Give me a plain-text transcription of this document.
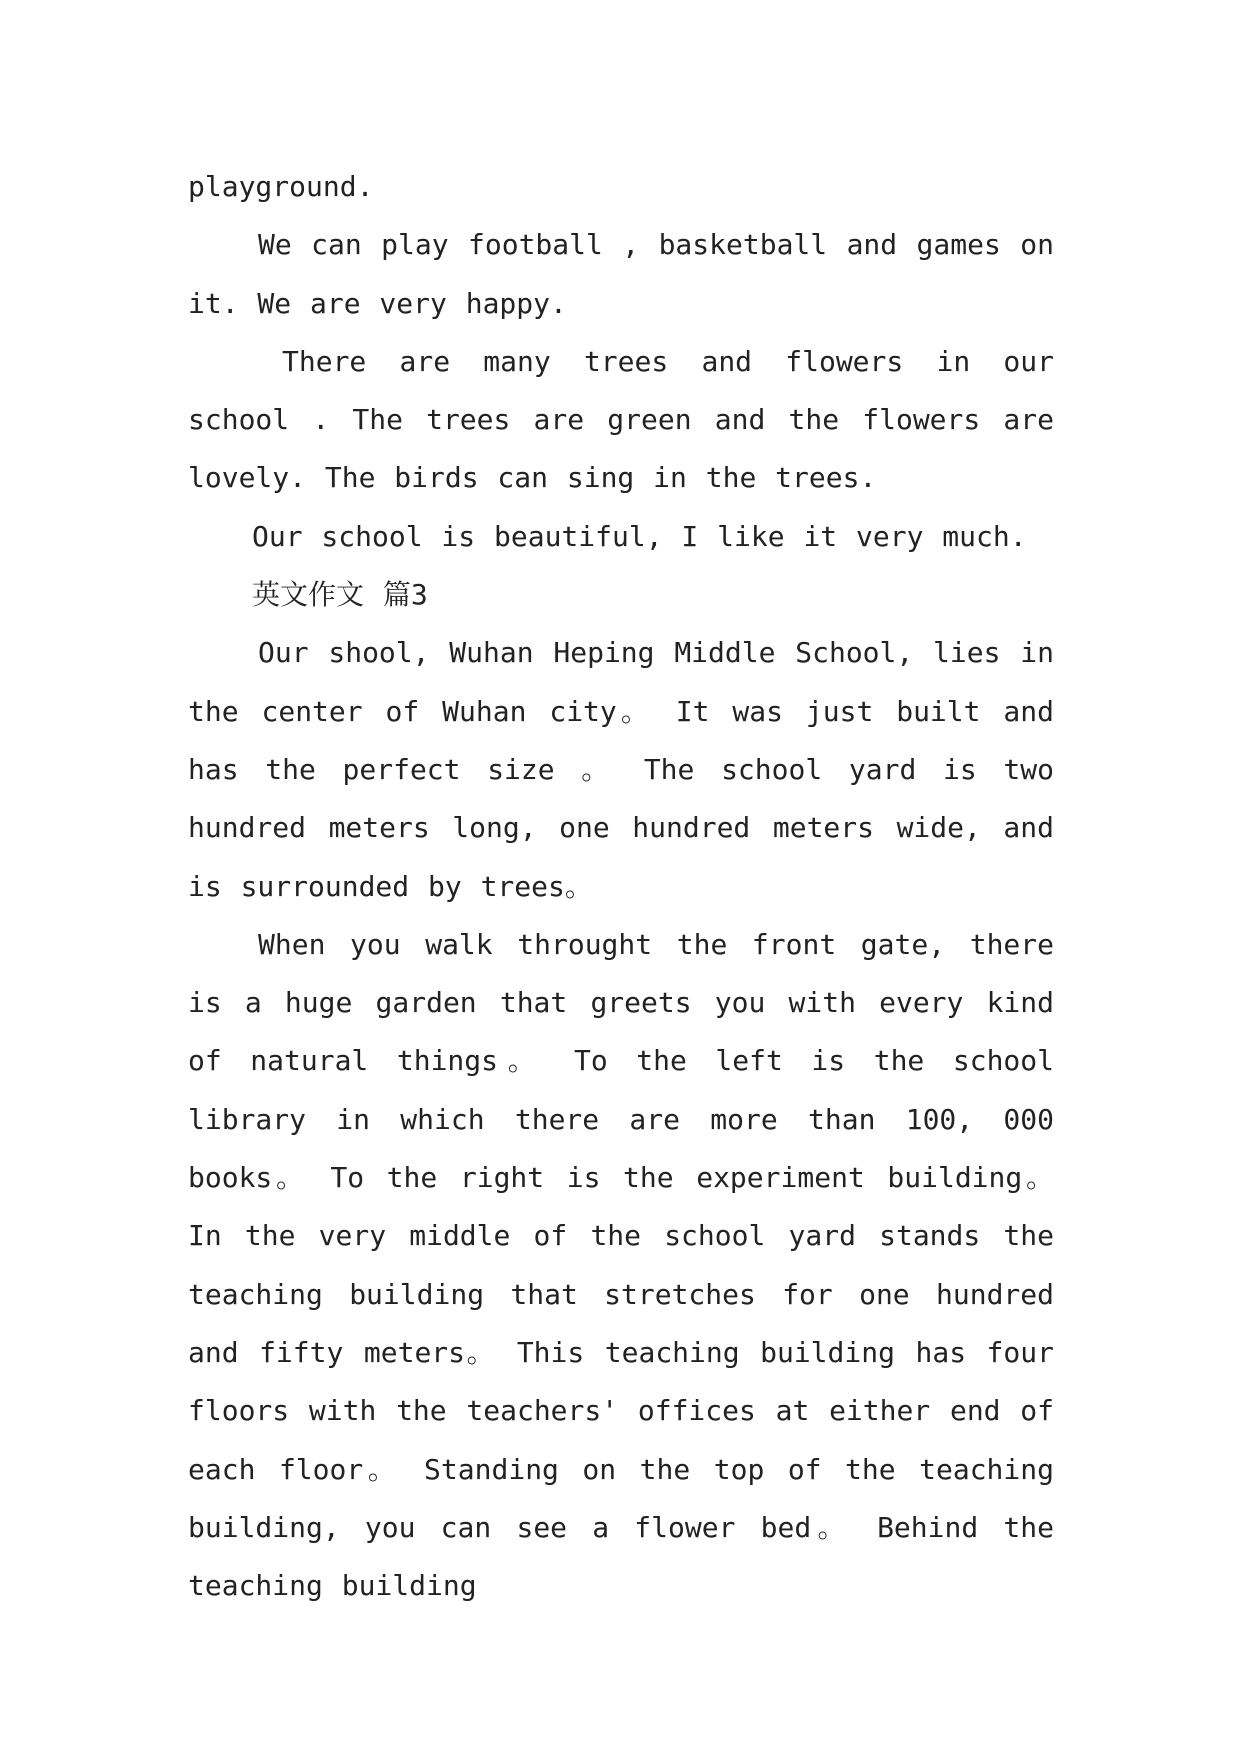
playground.

We can play football , basketball and games on it. We are very happy.

There are many trees and flowers in our school . The trees are green and the flowers are lovely. The birds can sing in the trees.

Our school is beautiful, I like it very much.

英文作文 篇3

Our shool, Wuhan Heping Middle School, lies in the center of Wuhan city。 It was just built and has the perfect size 。 The school yard is two hundred meters long, one hundred meters wide, and is surrounded by trees。

When you walk throught the front gate, there is a huge garden that greets you with every kind of natural things。 To the left is the school library in which there are more than 100, 000 books。 To the right is the experiment building。 In the very middle of the school yard stands the teaching building that stretches for one hundred and fifty meters。 This teaching building has four floors with the teachers' offices at either end of each floor。 Standing on the top of the teaching building, you can see a flower bed。 Behind the teaching building
